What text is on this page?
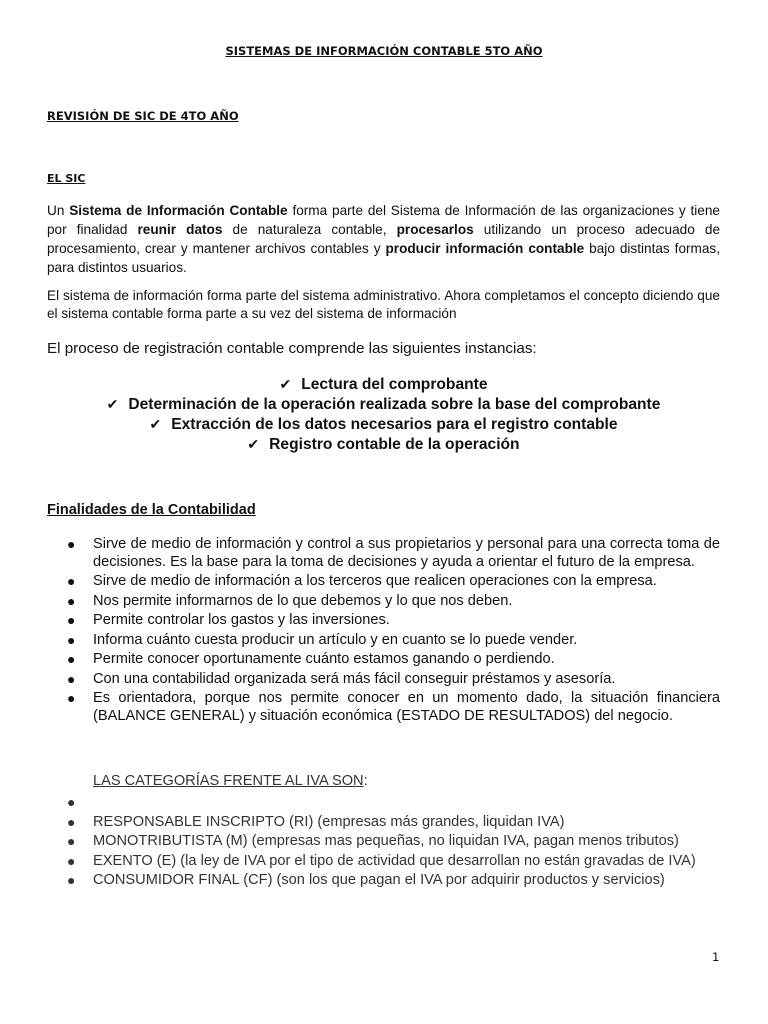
SISTEMAS DE INFORMACIÓN CONTABLE 5TO AÑO
REVISIÓN DE SIC DE 4TO AÑO
EL SIC
Un Sistema de Información Contable forma parte del Sistema de Información de las organizaciones y tiene por finalidad reunir datos de naturaleza contable, procesarlos utilizando un proceso adecuado de procesamiento, crear y mantener archivos contables y producir información contable bajo distintas formas, para distintos usuarios.
El sistema de información forma parte del sistema administrativo. Ahora completamos el concepto diciendo que el sistema contable forma parte a su vez del sistema de información
El proceso de registración contable comprende las siguientes instancias:
✔ Lectura del comprobante
✔ Determinación de la operación realizada sobre la base del comprobante
✔ Extracción de los datos necesarios para el registro contable
✔ Registro contable de la operación
Finalidades de la Contabilidad
● Sirve de medio de información y control a sus propietarios y personal para una correcta toma de decisiones. Es la base para la toma de decisiones y ayuda a orientar el futuro de la empresa.
● Sirve de medio de información a los terceros que realicen operaciones con la empresa.
● Nos permite informarnos de lo que debemos y lo que nos deben.
● Permite controlar los gastos y las inversiones.
● Informa cuánto cuesta producir un artículo y en cuanto se lo puede vender.
● Permite conocer oportunamente cuánto estamos ganando o perdiendo.
● Con una contabilidad organizada será más fácil conseguir préstamos y asesoría.
● Es orientadora, porque nos permite conocer en un momento dado, la situación financiera (BALANCE GENERAL) y situación económica (ESTADO DE RESULTADOS) del negocio.
LAS CATEGORÍAS FRENTE AL IVA SON:
●

● RESPONSABLE INSCRIPTO (RI) (empresas más grandes, liquidan IVA)
● MONOTRIBUTISTA (M) (empresas mas pequeñas, no liquidan IVA, pagan menos tributos)
● EXENTO (E) (la ley de IVA por el tipo de actividad que desarrollan no están gravadas de IVA)
● CONSUMIDOR FINAL (CF) (son los que pagan el IVA por adquirir productos y servicios)
1
